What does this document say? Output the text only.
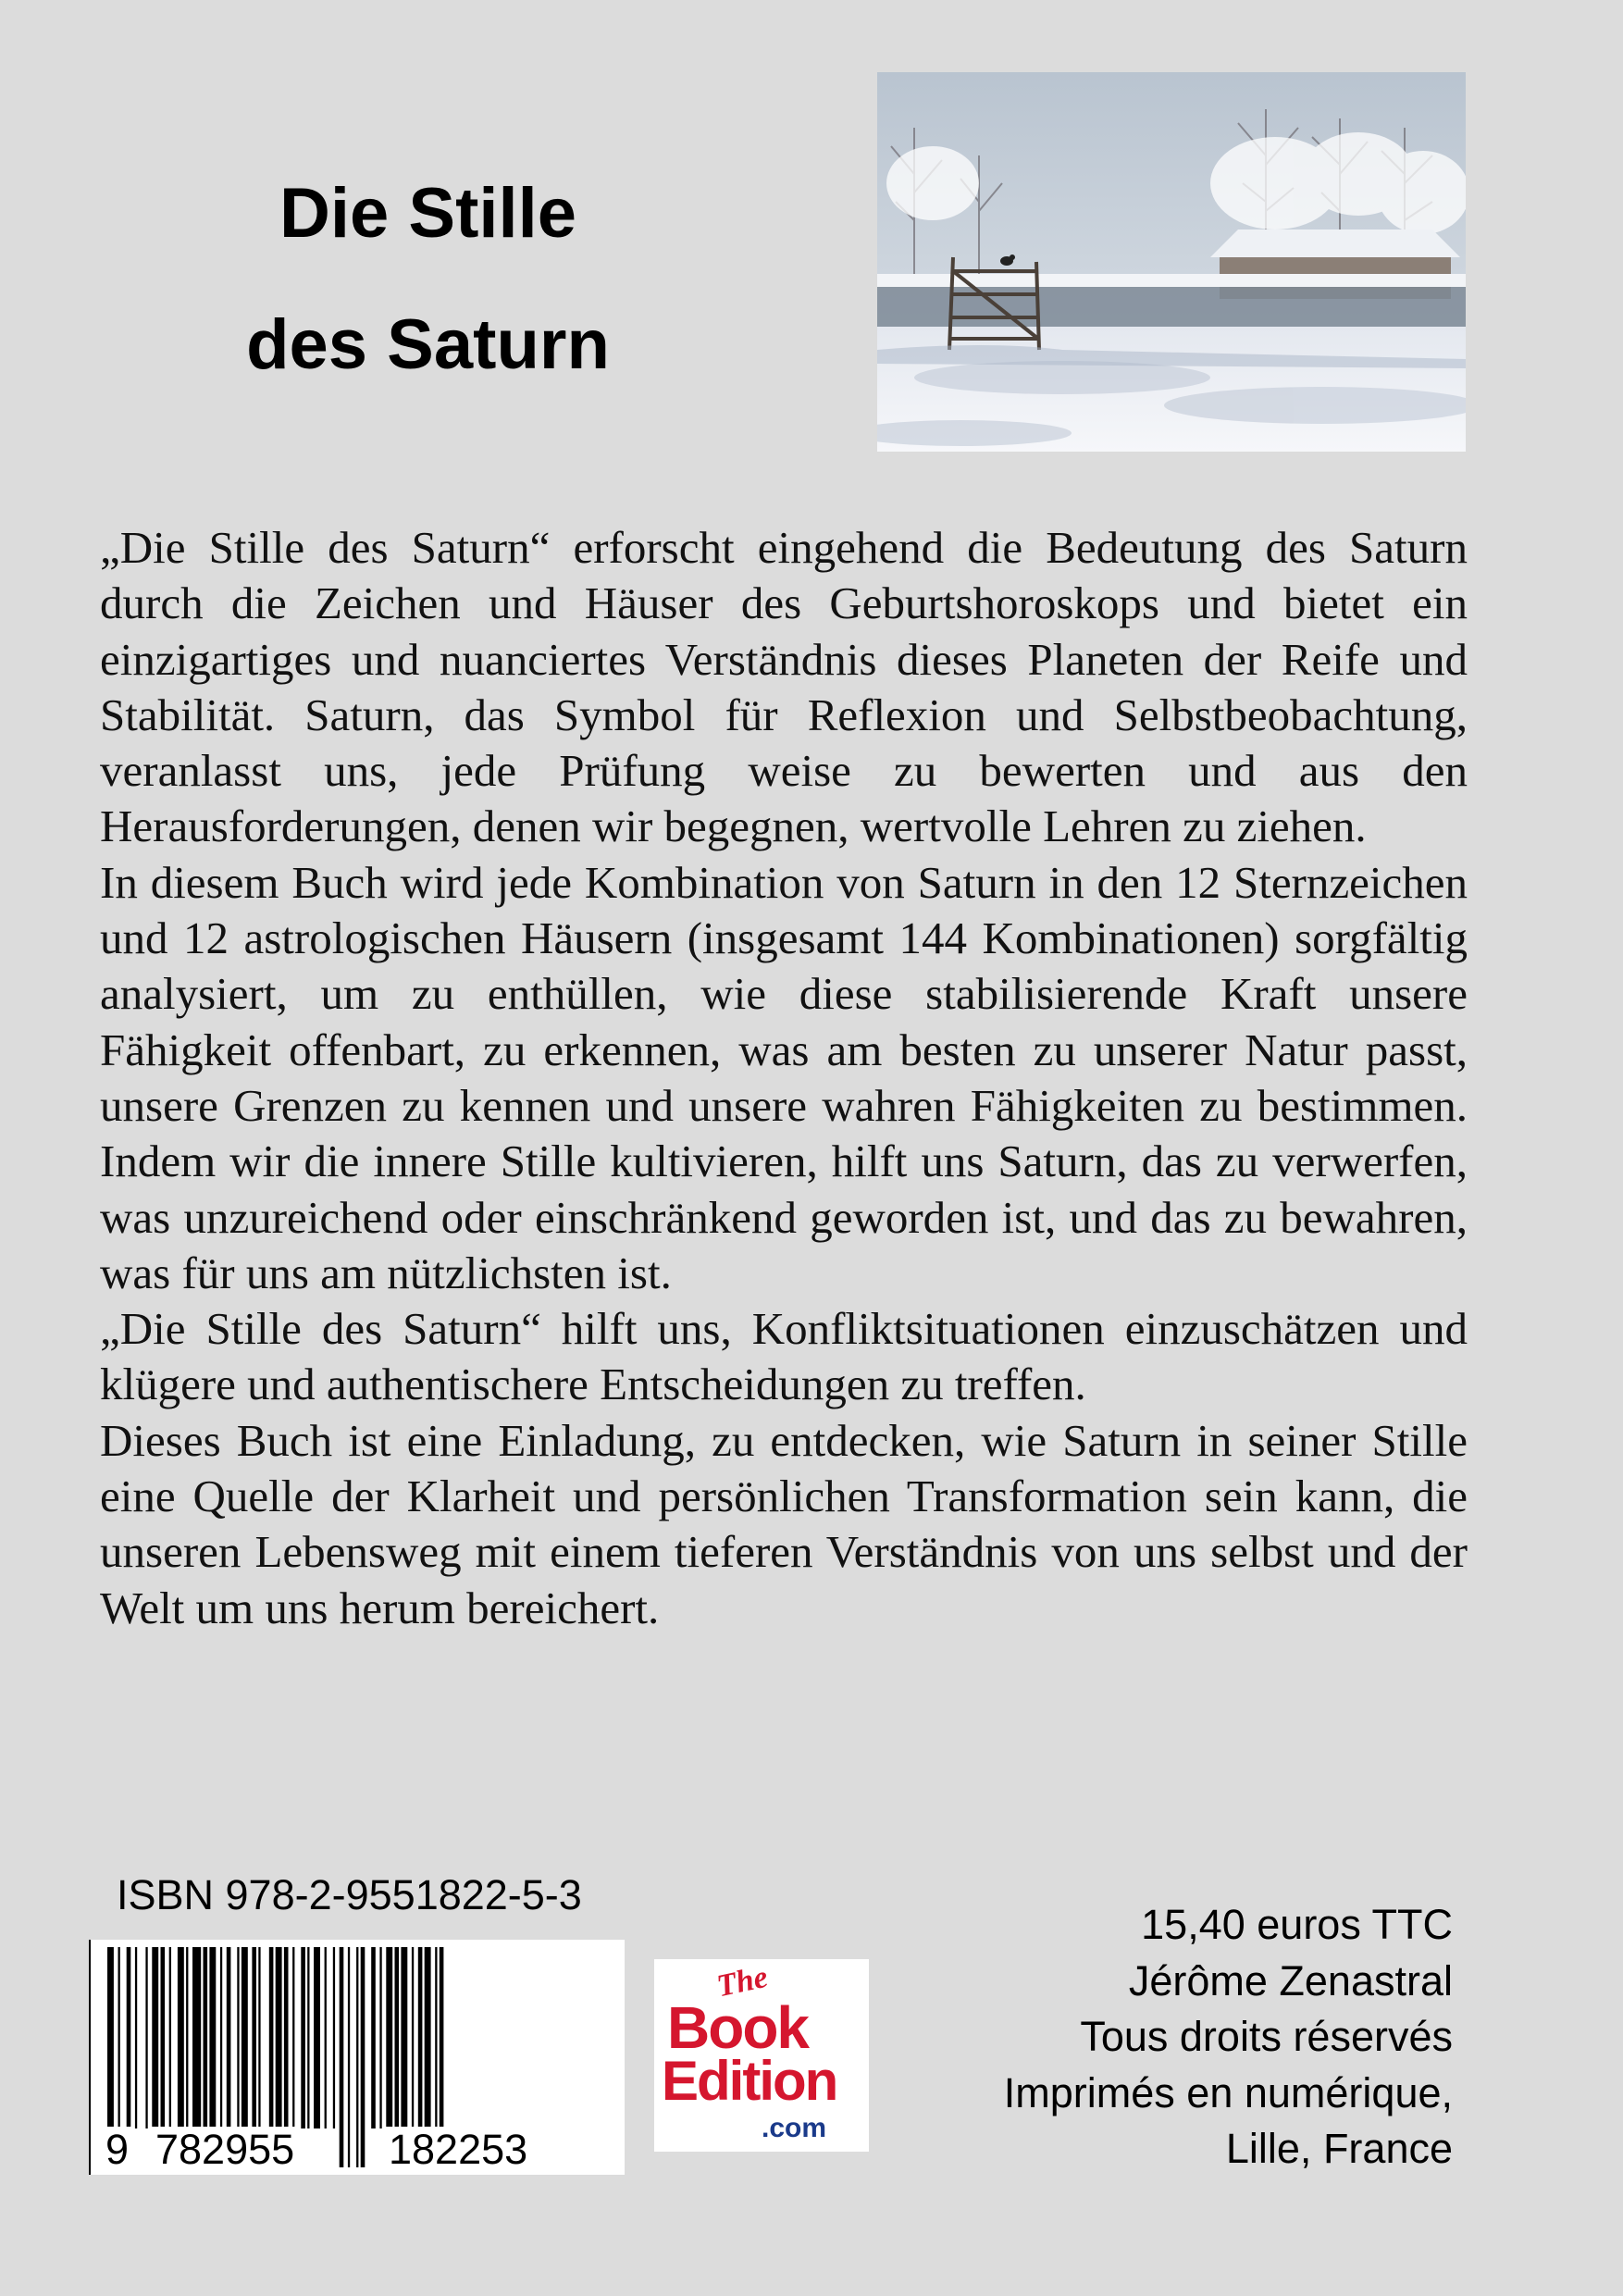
Die Stille
des Saturn

„Die Stille des Saturn“ erforscht eingehend die Bedeutung des Saturn durch die Zeichen und Häuser des Geburtshoroskops und bietet ein einzigartiges und nuanciertes Verständnis dieses Planeten der Reife und Stabilität. Saturn, das Symbol für Reflexion und Selbstbeobachtung, veranlasst uns, jede Prüfung weise zu bewerten und aus den Herausforderungen, denen wir begegnen, wertvolle Lehren zu ziehen.

In diesem Buch wird jede Kombination von Saturn in den 12 Sternzeichen und 12 astrologischen Häusern (insgesamt 144 Kombinationen) sorgfältig analysiert, um zu enthüllen, wie diese stabilisierende Kraft unsere Fähigkeit offenbart, zu erkennen, was am besten zu unserer Natur passt, unsere Grenzen zu kennen und unsere wahren Fähigkeiten zu bestimmen. Indem wir die innere Stille kultivieren, hilft uns Saturn, das zu verwerfen, was unzureichend oder einschränkend geworden ist, und das zu bewahren, was für uns am nützlichsten ist.

„Die Stille des Saturn“ hilft uns, Konfliktsituationen einzuschätzen und klügere und authentischere Entscheidungen zu treffen.

Dieses Buch ist eine Einladung, zu entdecken, wie Saturn in seiner Stille eine Quelle der Klarheit und persönlichen Transformation sein kann, die unseren Lebensweg mit einem tieferen Verständnis von uns selbst und der Welt um uns herum bereichert.

ISBN 978-2-9551822-5-3
9 782955 182253
The
Book
Edition
.com
15,40 euros TTC
Jérôme Zenastral
Tous droits réservés
Imprimés en numérique,
Lille, France
